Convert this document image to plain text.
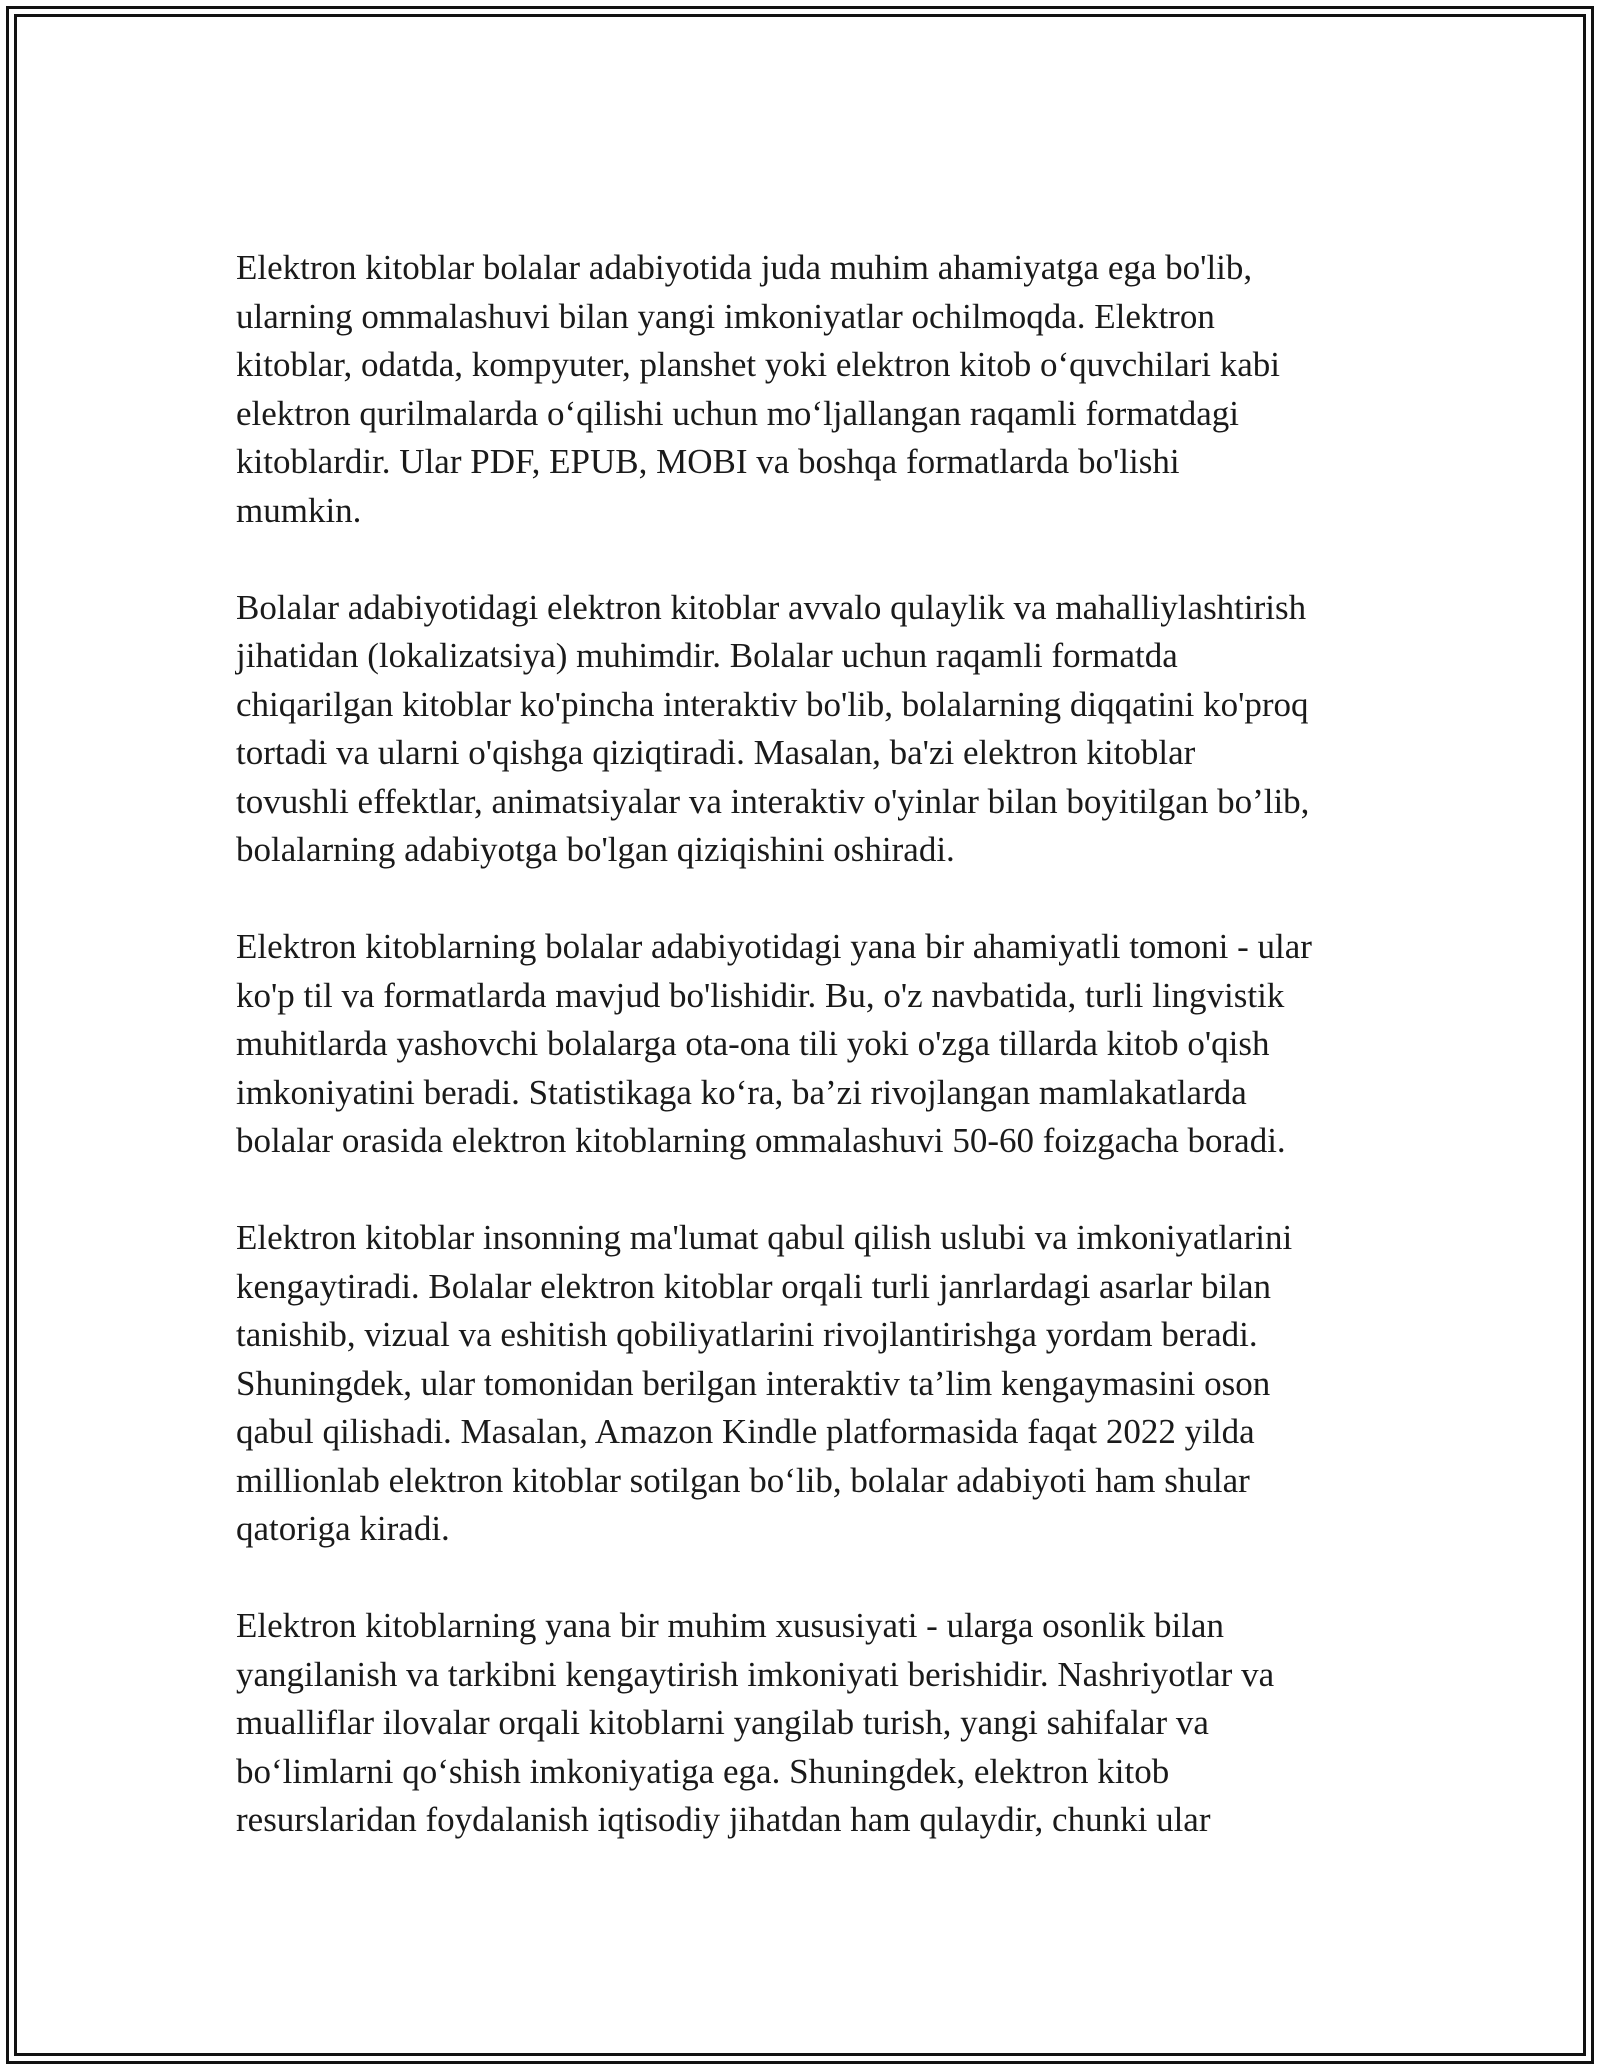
Elektron kitoblar bolalar adabiyotida juda muhim ahamiyatga ega bo'lib,
ularning ommalashuvi bilan yangi imkoniyatlar ochilmoqda. Elektron
kitoblar, odatda, kompyuter, planshet yoki elektron kitob o‘quvchilari kabi
elektron qurilmalarda o‘qilishi uchun mo‘ljallangan raqamli formatdagi
kitoblardir. Ular PDF, EPUB, MOBI va boshqa formatlarda bo'lishi
mumkin.

Bolalar adabiyotidagi elektron kitoblar avvalo qulaylik va mahalliylashtirish
jihatidan (lokalizatsiya) muhimdir. Bolalar uchun raqamli formatda
chiqarilgan kitoblar ko'pincha interaktiv bo'lib, bolalarning diqqatini ko'proq
tortadi va ularni o'qishga qiziqtiradi. Masalan, ba'zi elektron kitoblar
tovushli effektlar, animatsiyalar va interaktiv o'yinlar bilan boyitilgan bo’lib,
bolalarning adabiyotga bo'lgan qiziqishini oshiradi.

Elektron kitoblarning bolalar adabiyotidagi yana bir ahamiyatli tomoni - ular
ko'p til va formatlarda mavjud bo'lishidir. Bu, o'z navbatida, turli lingvistik
muhitlarda yashovchi bolalarga ota-ona tili yoki o'zga tillarda kitob o'qish
imkoniyatini beradi. Statistikaga ko‘ra, ba’zi rivojlangan mamlakatlarda
bolalar orasida elektron kitoblarning ommalashuvi 50-60 foizgacha boradi.

Elektron kitoblar insonning ma'lumat qabul qilish uslubi va imkoniyatlarini
kengaytiradi. Bolalar elektron kitoblar orqali turli janrlardagi asarlar bilan
tanishib, vizual va eshitish qobiliyatlarini rivojlantirishga yordam beradi.
Shuningdek, ular tomonidan berilgan interaktiv ta’lim kengaymasini oson
qabul qilishadi. Masalan, Amazon Kindle platformasida faqat 2022 yilda
millionlab elektron kitoblar sotilgan bo‘lib, bolalar adabiyoti ham shular
qatoriga kiradi.

Elektron kitoblarning yana bir muhim xususiyati - ularga osonlik bilan
yangilanish va tarkibni kengaytirish imkoniyati berishidir. Nashriyotlar va
mualliflar ilovalar orqali kitoblarni yangilab turish, yangi sahifalar va
bo‘limlarni qo‘shish imkoniyatiga ega. Shuningdek, elektron kitob
resurslaridan foydalanish iqtisodiy jihatdan ham qulaydir, chunki ular
